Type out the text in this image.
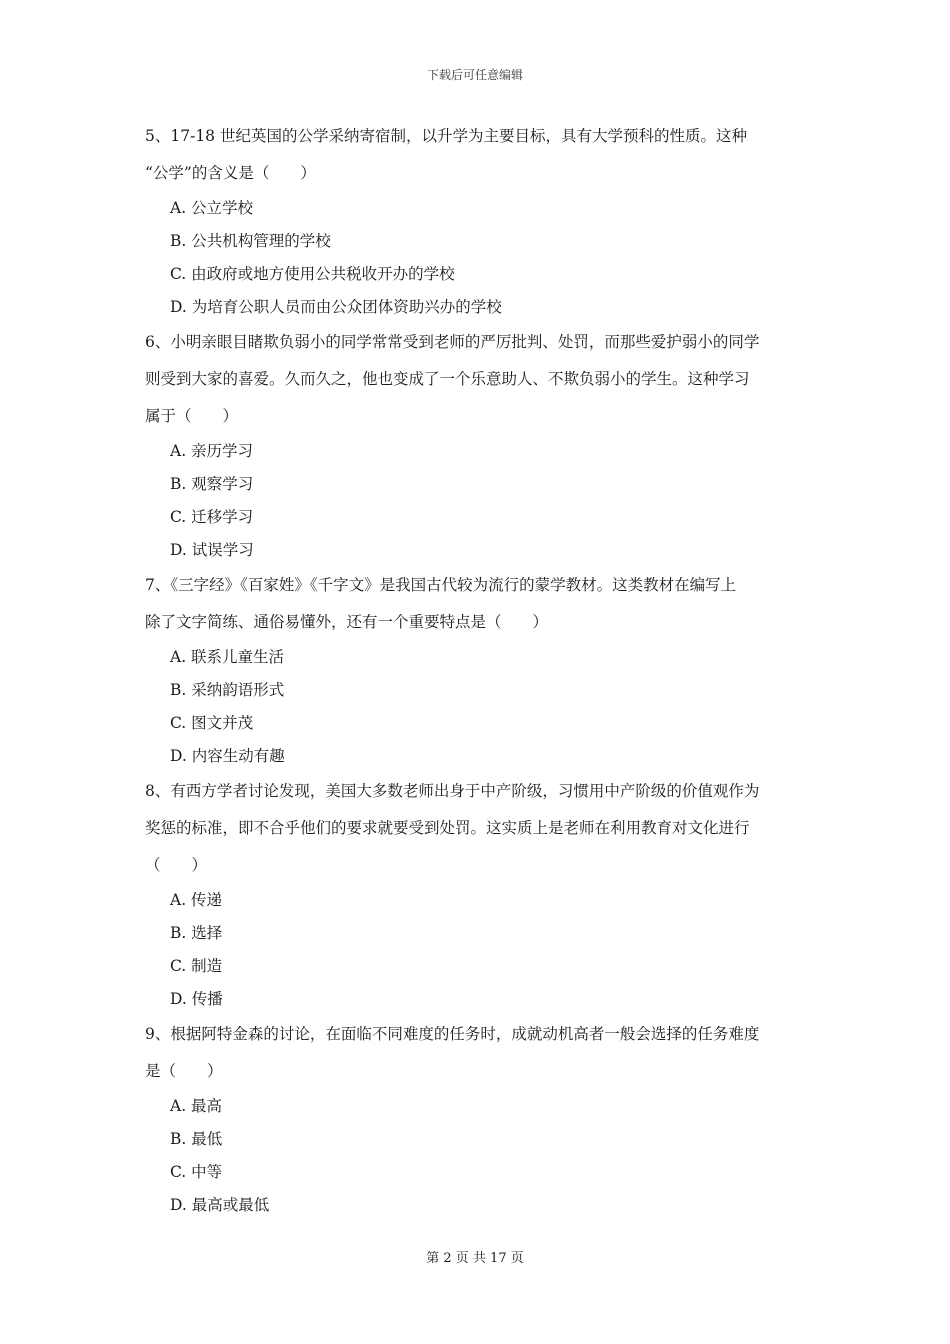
下载后可任意编辑
5、17-18 世纪英国的公学采纳寄宿制，以升学为主要目标，具有大学预科的性质。这种
“公学”的含义是（　　）
A. 公立学校
B. 公共机构管理的学校
C. 由政府或地方使用公共税收开办的学校
D. 为培育公职人员而由公众团体资助兴办的学校
6、小明亲眼目睹欺负弱小的同学常常受到老师的严厉批判、处罚，而那些爱护弱小的同学
则受到大家的喜爱。久而久之，他也变成了一个乐意助人、不欺负弱小的学生。这种学习
属于（　　）
A. 亲历学习
B. 观察学习
C. 迁移学习
D. 试误学习
7、《三字经》《百家姓》《千字文》是我国古代较为流行的蒙学教材。这类教材在编写上
除了文字简练、通俗易懂外，还有一个重要特点是（　　）
A. 联系儿童生活
B. 采纳韵语形式
C. 图文并茂
D. 内容生动有趣
8、有西方学者讨论发现，美国大多数老师出身于中产阶级，习惯用中产阶级的价值观作为
奖惩的标准，即不合乎他们的要求就要受到处罚。这实质上是老师在利用教育对文化进行
（　　）
A. 传递
B. 选择
C. 制造
D. 传播
9、根据阿特金森的讨论，在面临不同难度的任务时，成就动机高者一般会选择的任务难度
是（　　）
A. 最高
B. 最低
C. 中等
D. 最高或最低
第 2 页 共 17 页
